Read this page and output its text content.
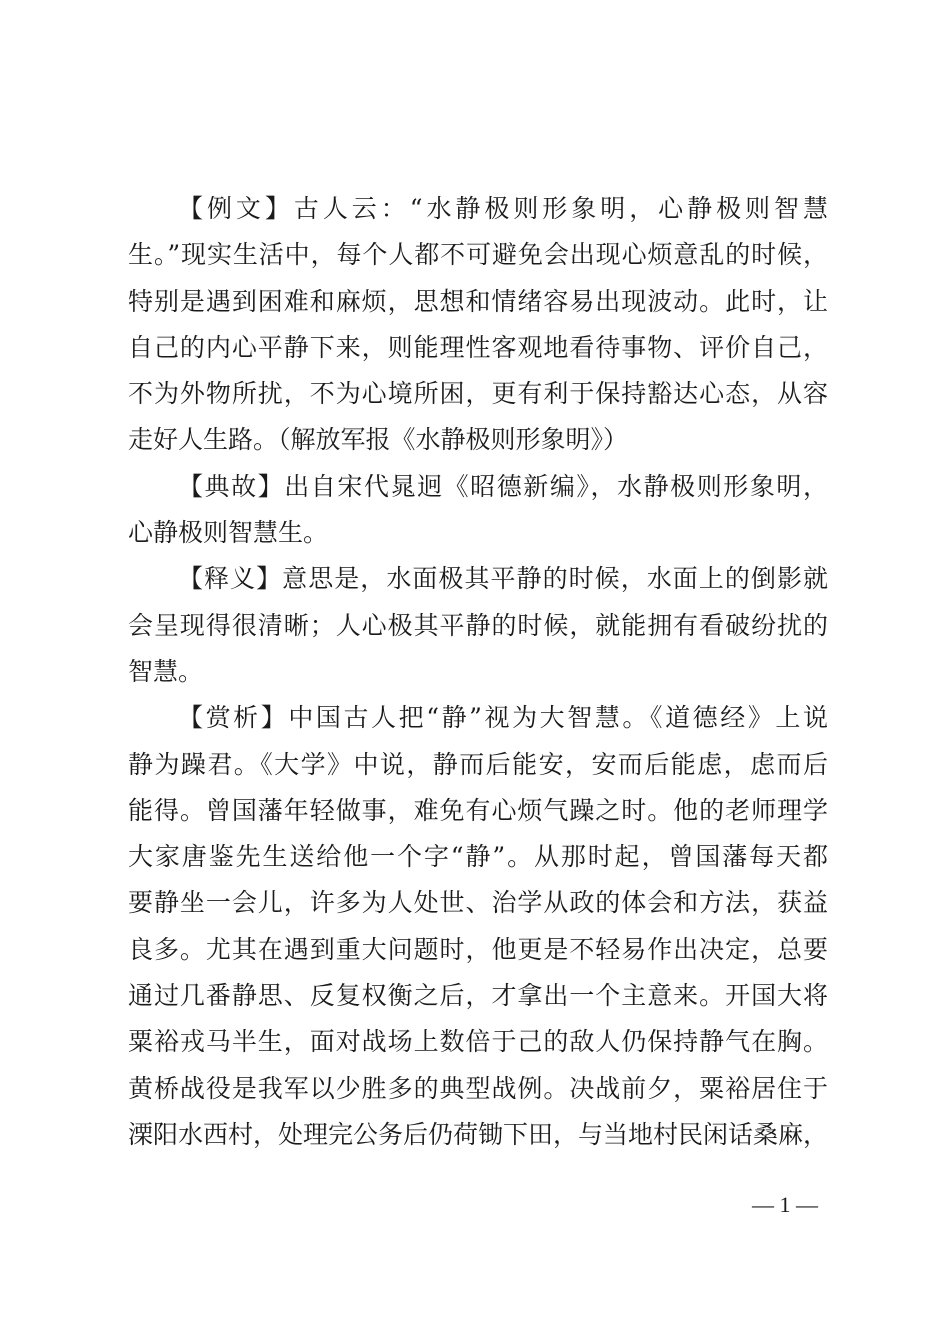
【例文】古人云：“水静极则形象明，心静极则智慧
生。”现实生活中，每个人都不可避免会出现心烦意乱的时候，
特别是遇到困难和麻烦，思想和情绪容易出现波动。此时，让
自己的内心平静下来，则能理性客观地看待事物、评价自己，
不为外物所扰，不为心境所困，更有利于保持豁达心态，从容
走好人生路。（解放军报《水静极则形象明》）
【典故】出自宋代晁迥《昭德新编》，水静极则形象明，
心静极则智慧生。
【释义】意思是，水面极其平静的时候，水面上的倒影就
会呈现得很清晰；人心极其平静的时候，就能拥有看破纷扰的
智慧。
【赏析】中国古人把“静”视为大智慧。《道德经》上说
静为躁君。《大学》中说，静而后能安，安而后能虑，虑而后
能得。曾国藩年轻做事，难免有心烦气躁之时。他的老师理学
大家唐鉴先生送给他一个字“静”。从那时起，曾国藩每天都
要静坐一会儿，许多为人处世、治学从政的体会和方法，获益
良多。尤其在遇到重大问题时，他更是不轻易作出决定，总要
通过几番静思、反复权衡之后，才拿出一个主意来。开国大将
粟裕戎马半生，面对战场上数倍于己的敌人仍保持静气在胸。
黄桥战役是我军以少胜多的典型战例。决战前夕，粟裕居住于
溧阳水西村，处理完公务后仍荷锄下田，与当地村民闲话桑麻，
— 1 —
